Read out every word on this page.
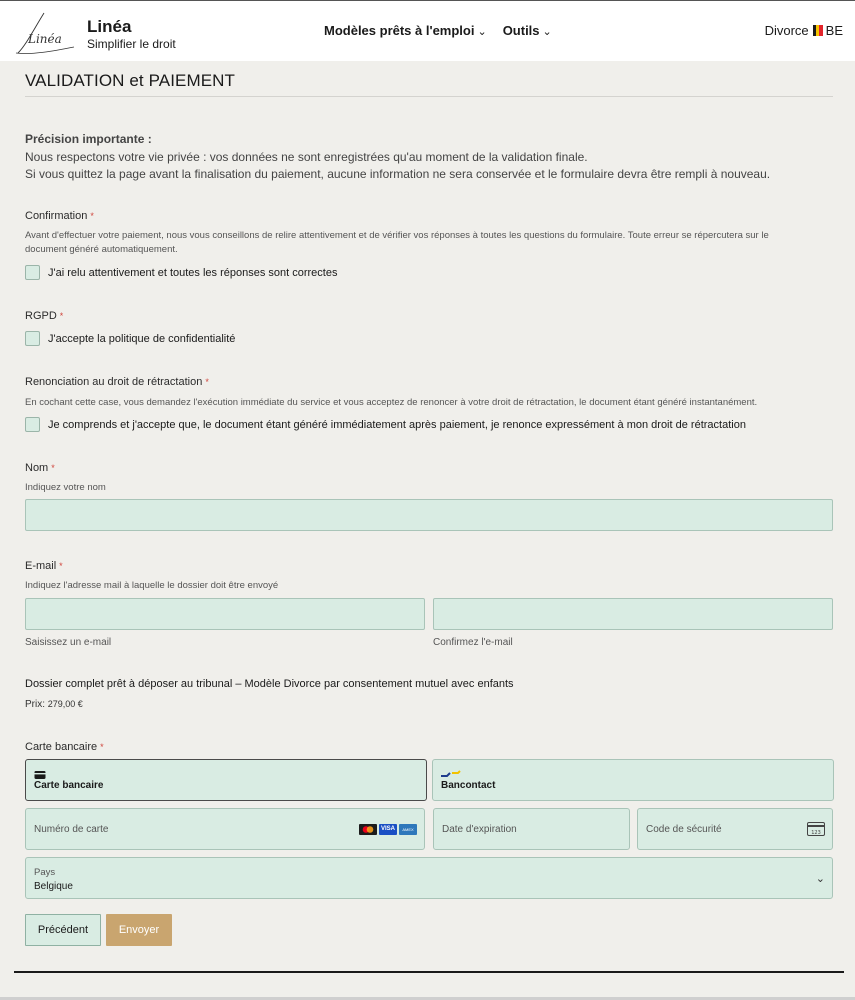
Linéa
Linéa
Simplifier le droit
Modèles prêts à l'emploi ⌄ Outils ⌄	Divorce BE
VALIDATION et PAIEMENT
Précision importante :
Nous respectons votre vie privée : vos données ne sont enregistrées qu'au moment de la validation finale.
Si vous quittez la page avant la finalisation du paiement, aucune information ne sera conservée et le formulaire devra être rempli à nouveau.
Confirmation *
Avant d'effectuer votre paiement, nous vous conseillons de relire attentivement et de vérifier vos réponses à toutes les questions du formulaire. Toute erreur se répercutera sur le
document généré automatiquement.
J'ai relu attentivement et toutes les réponses sont correctes
RGPD *
J'accepte la politique de confidentialité
Renonciation au droit de rétractation *
En cochant cette case, vous demandez l'exécution immédiate du service et vous acceptez de renoncer à votre droit de rétractation, le document étant généré instantanément.
Je comprends et j'accepte que, le document étant généré immédiatement après paiement, je renonce expressément à mon droit de rétractation
Nom *
Indiquez votre nom
E-mail *
Indiquez l'adresse mail à laquelle le dossier doit être envoyé
Saisissez un e-mail	Confirmez l'e-mail
Dossier complet prêt à déposer au tribunal – Modèle Divorce par consentement mutuel avec enfants
Prix: 279,00 €
Carte bancaire *
Carte bancaire	Bancontact
Numéro de carte	VISA	AMEX	Date d'expiration	Code de sécurité	123
Pays
Belgique
⌄
Précédent	Envoyer
